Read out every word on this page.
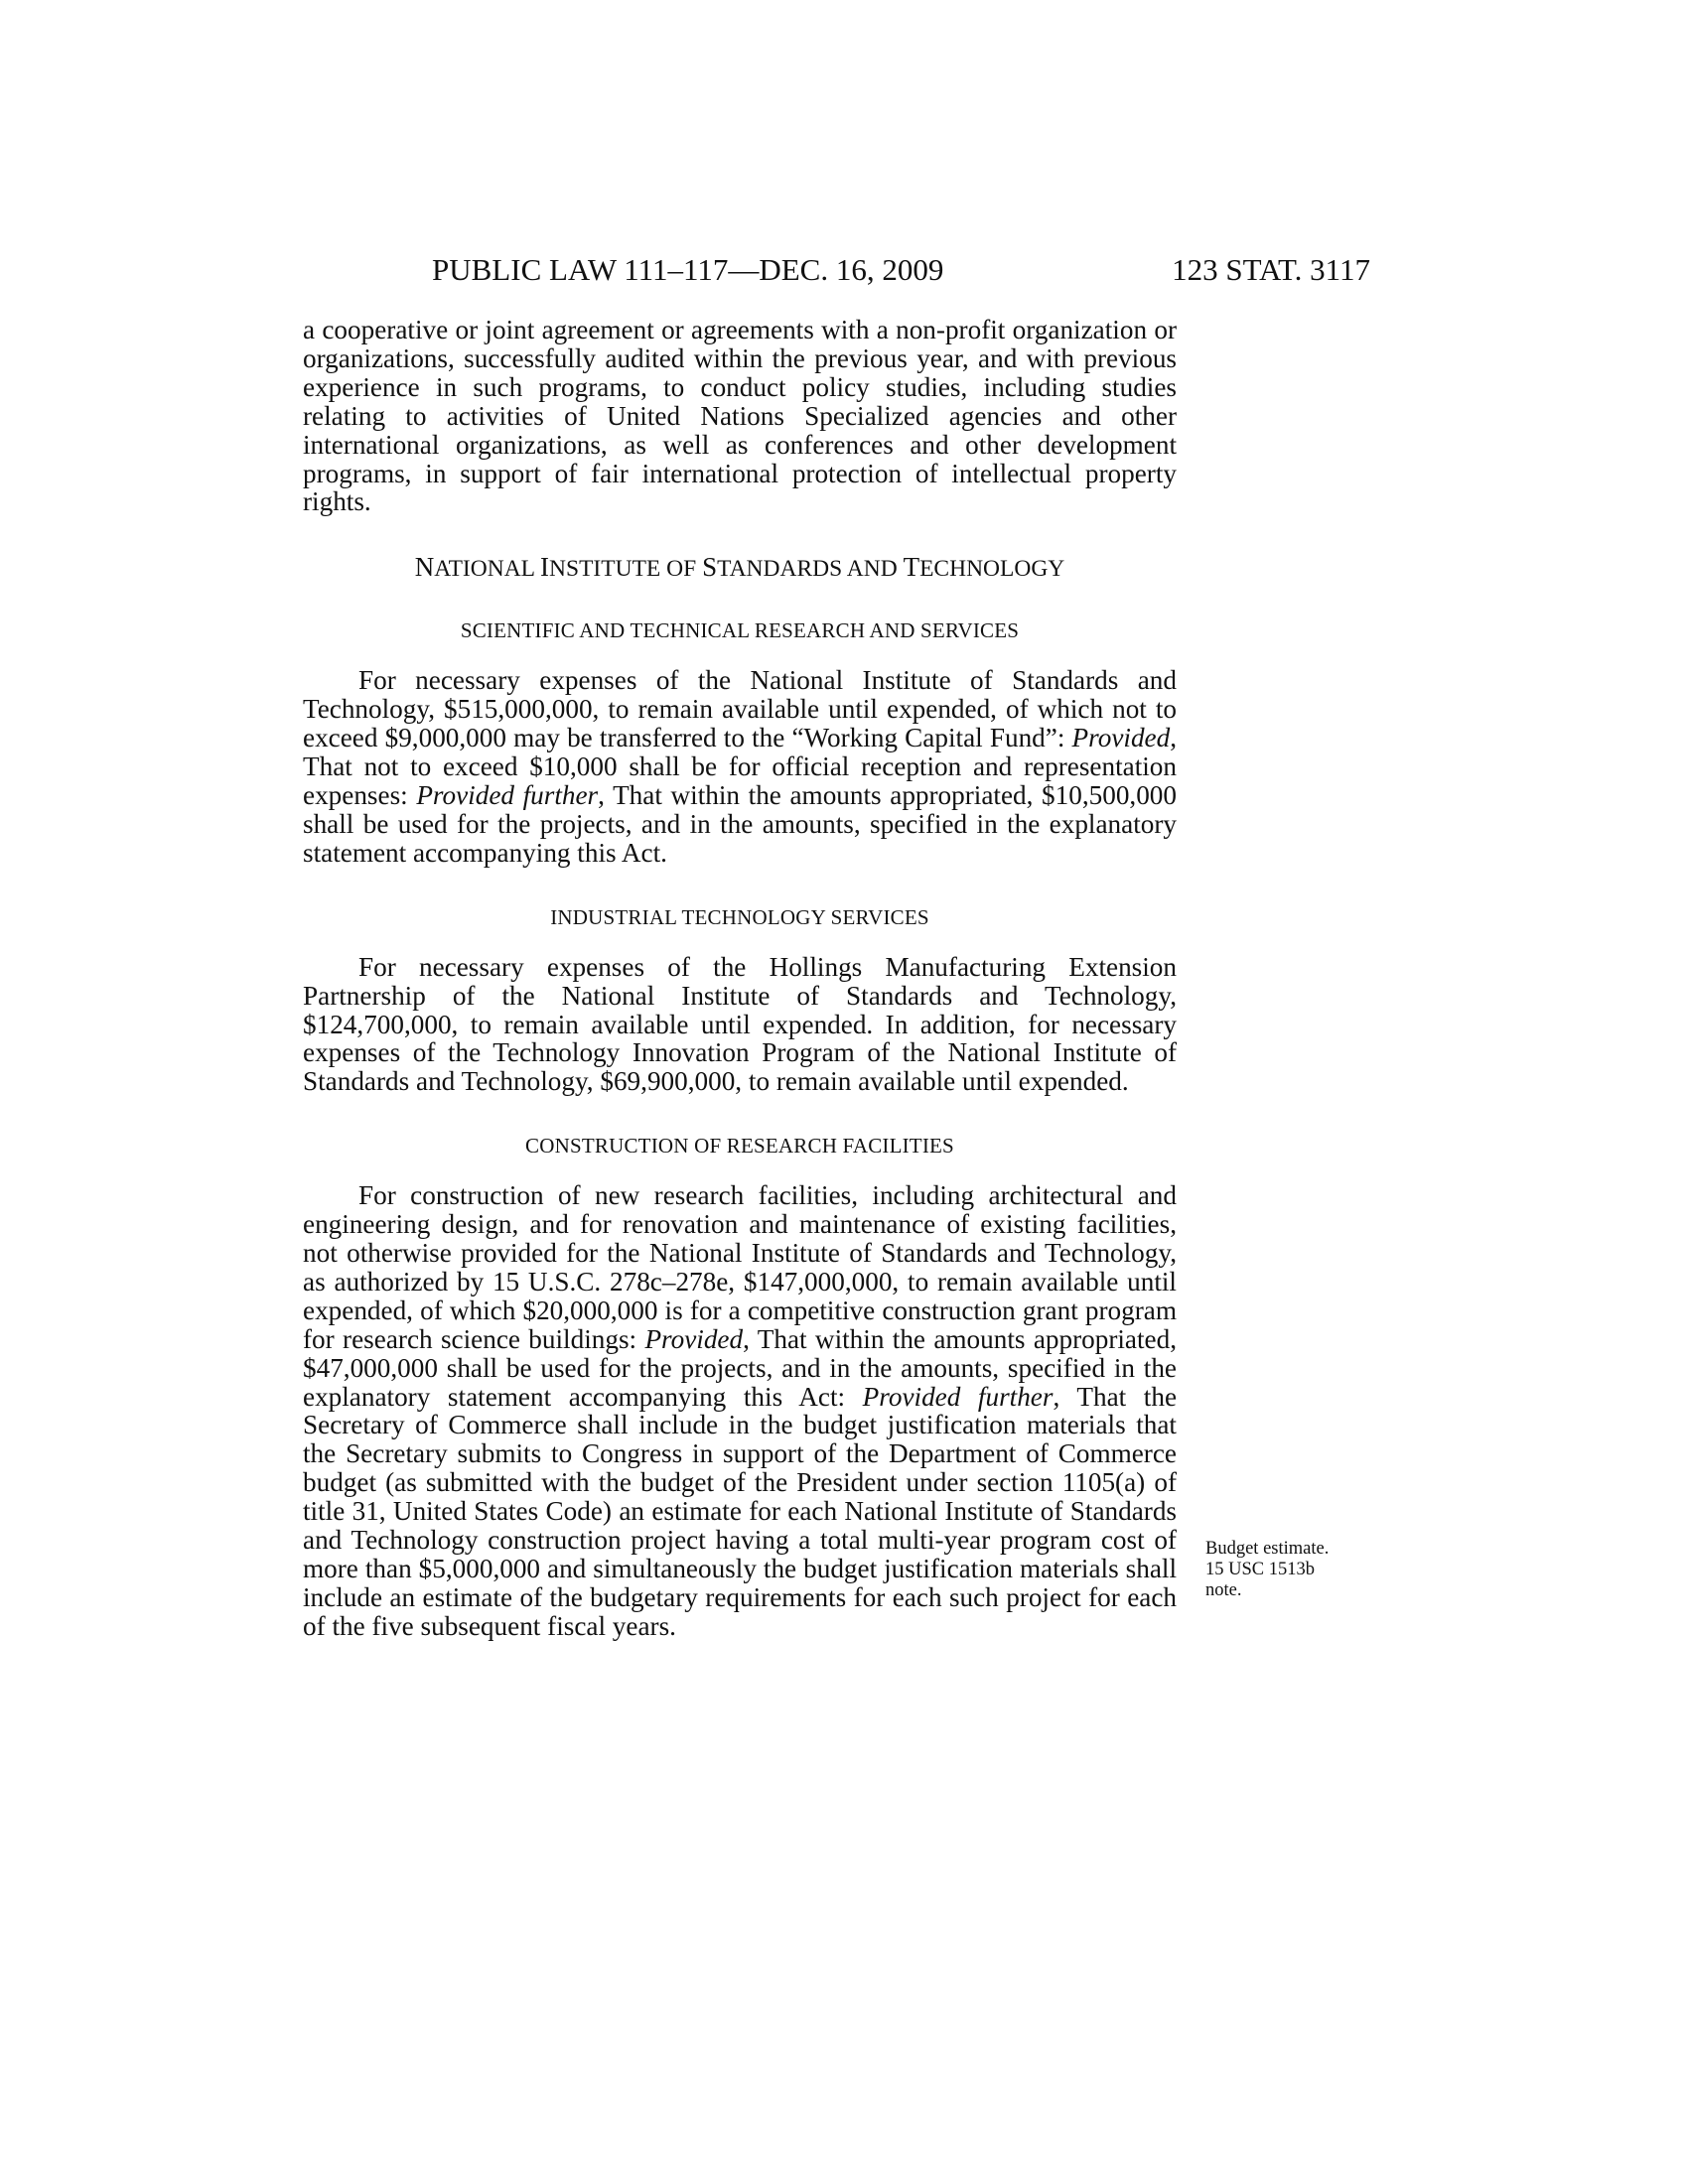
PUBLIC LAW 111–117—DEC. 16, 2009	123 STAT. 3117

a cooperative or joint agreement or agreements with a non-profit organization or organizations, successfully audited within the previous year, and with previous experience in such programs, to conduct policy studies, including studies relating to activities of United Nations Specialized agencies and other international organizations, as well as conferences and other development programs, in support of fair international protection of intellectual property rights.

NATIONAL INSTITUTE OF STANDARDS AND TECHNOLOGY

SCIENTIFIC AND TECHNICAL RESEARCH AND SERVICES

For necessary expenses of the National Institute of Standards and Technology, $515,000,000, to remain available until expended, of which not to exceed $9,000,000 may be transferred to the “Working Capital Fund”: Provided, That not to exceed $10,000 shall be for official reception and representation expenses: Provided further, That within the amounts appropriated, $10,500,000 shall be used for the projects, and in the amounts, specified in the explanatory statement accompanying this Act.

INDUSTRIAL TECHNOLOGY SERVICES

For necessary expenses of the Hollings Manufacturing Extension Partnership of the National Institute of Standards and Technology, $124,700,000, to remain available until expended. In addition, for necessary expenses of the Technology Innovation Program of the National Institute of Standards and Technology, $69,900,000, to remain available until expended.

CONSTRUCTION OF RESEARCH FACILITIES

For construction of new research facilities, including architectural and engineering design, and for renovation and maintenance of existing facilities, not otherwise provided for the National Institute of Standards and Technology, as authorized by 15 U.S.C. 278c–278e, $147,000,000, to remain available until expended, of which $20,000,000 is for a competitive construction grant program for research science buildings: Provided, That within the amounts appropriated, $47,000,000 shall be used for the projects, and in the amounts, specified in the explanatory statement accompanying this Act: Provided further, That the Secretary of Commerce shall include in the budget justification materials that the Secretary submits to Congress in support of the Department of Commerce budget (as submitted with the budget of the President under section 1105(a) of title 31, United States Code) an estimate for each National Institute of Standards and Technology construction project having a total multi-year program cost of more than $5,000,000 and simultaneously the budget justification materials shall include an estimate of the budgetary requirements for each such project for each of the five subsequent fiscal years.

Budget estimate.
15 USC 1513b
note.
